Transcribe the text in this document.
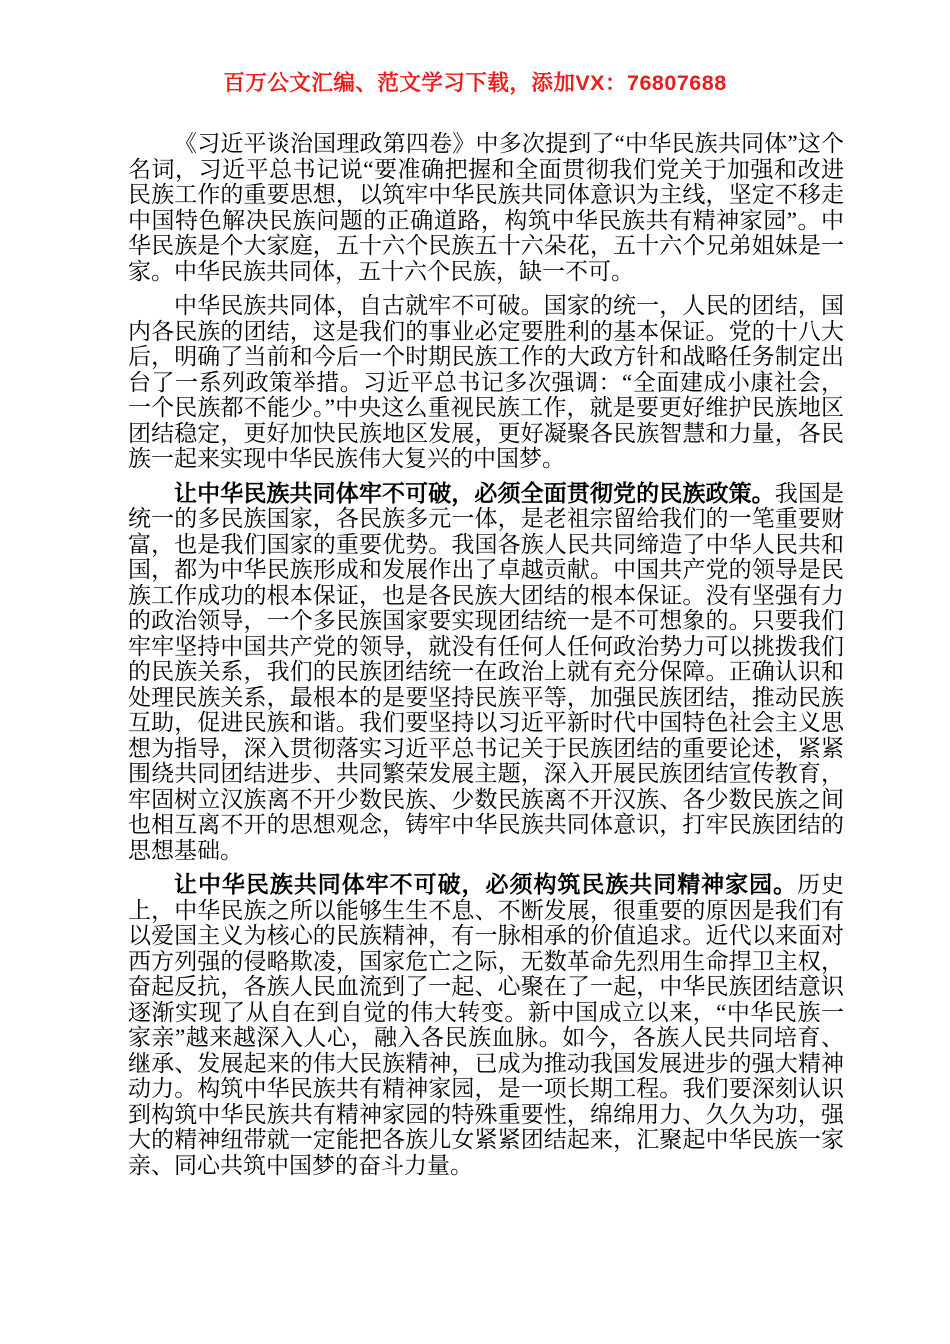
百万公文汇编、范文学习下载，添加VX：76807688

《习近平谈治国理政第四卷》中多次提到了“中华民族共同体”这个名词，习近平总书记说“要准确把握和全面贯彻我们党关于加强和改进民族工作的重要思想，以筑牢中华民族共同体意识为主线，坚定不移走中国特色解决民族问题的正确道路，构筑中华民族共有精神家园”。中华民族是个大家庭，五十六个民族五十六朵花，五十六个兄弟姐妹是一家。中华民族共同体，五十六个民族，缺一不可。

中华民族共同体，自古就牢不可破。国家的统一，人民的团结，国内各民族的团结，这是我们的事业必定要胜利的基本保证。党的十八大后，明确了当前和今后一个时期民族工作的大政方针和战略任务制定出台了一系列政策举措。习近平总书记多次强调：“全面建成小康社会，一个民族都不能少。”中央这么重视民族工作，就是要更好维护民族地区团结稳定，更好加快民族地区发展，更好凝聚各民族智慧和力量，各民族一起来实现中华民族伟大复兴的中国梦。

让中华民族共同体牢不可破，必须全面贯彻党的民族政策。我国是统一的多民族国家，各民族多元一体，是老祖宗留给我们的一笔重要财富，也是我们国家的重要优势。我国各族人民共同缔造了中华人民共和国，都为中华民族形成和发展作出了卓越贡献。中国共产党的领导是民族工作成功的根本保证，也是各民族大团结的根本保证。没有坚强有力的政治领导，一个多民族国家要实现团结统一是不可想象的。只要我们牢牢坚持中国共产党的领导，就没有任何人任何政治势力可以挑拨我们的民族关系，我们的民族团结统一在政治上就有充分保障。正确认识和处理民族关系，最根本的是要坚持民族平等，加强民族团结，推动民族互助，促进民族和谐。我们要坚持以习近平新时代中国特色社会主义思想为指导，深入贯彻落实习近平总书记关于民族团结的重要论述，紧紧围绕共同团结进步、共同繁荣发展主题，深入开展民族团结宣传教育，牢固树立汉族离不开少数民族、少数民族离不开汉族、各少数民族之间也相互离不开的思想观念，铸牢中华民族共同体意识，打牢民族团结的思想基础。

让中华民族共同体牢不可破，必须构筑民族共同精神家园。历史上，中华民族之所以能够生生不息、不断发展，很重要的原因是我们有以爱国主义为核心的民族精神，有一脉相承的价值追求。近代以来面对西方列强的侵略欺凌，国家危亡之际，无数革命先烈用生命捍卫主权，奋起反抗，各族人民血流到了一起、心聚在了一起，中华民族团结意识逐渐实现了从自在到自觉的伟大转变。新中国成立以来，“中华民族一家亲”越来越深入人心，融入各民族血脉。如今，各族人民共同培育、继承、发展起来的伟大民族精神，已成为推动我国发展进步的强大精神动力。构筑中华民族共有精神家园，是一项长期工程。我们要深刻认识到构筑中华民族共有精神家园的特殊重要性，绵绵用力、久久为功，强大的精神纽带就一定能把各族儿女紧紧团结起来，汇聚起中华民族一家亲、同心共筑中国梦的奋斗力量。
